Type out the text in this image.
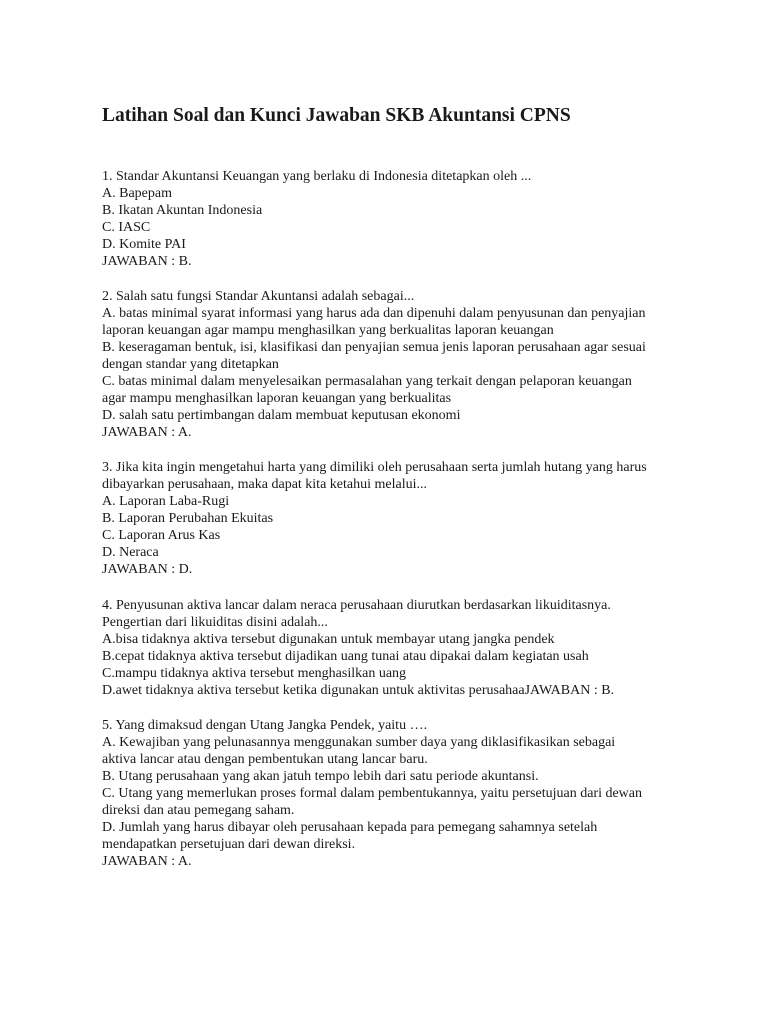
Latihan Soal dan Kunci Jawaban SKB Akuntansi CPNS
1. Standar Akuntansi Keuangan yang berlaku di Indonesia ditetapkan oleh ...
A. Bapepam
B. Ikatan Akuntan Indonesia
C. IASC
D. Komite PAI
JAWABAN : B.
2. Salah satu fungsi Standar Akuntansi adalah sebagai...
A. batas minimal syarat informasi yang harus ada dan dipenuhi dalam penyusunan dan penyajian
laporan keuangan agar mampu menghasilkan yang berkualitas laporan keuangan
B. keseragaman bentuk, isi, klasifikasi dan penyajian semua jenis laporan perusahaan agar sesuai
dengan standar yang ditetapkan
C. batas minimal dalam menyelesaikan permasalahan yang terkait dengan pelaporan keuangan
agar mampu menghasilkan laporan keuangan yang berkualitas
D. salah satu pertimbangan dalam membuat keputusan ekonomi
JAWABAN : A.
3. Jika kita ingin mengetahui harta yang dimiliki oleh perusahaan serta jumlah hutang yang harus
dibayarkan perusahaan, maka dapat kita ketahui melalui...
A. Laporan Laba-Rugi
B. Laporan Perubahan Ekuitas
C. Laporan Arus Kas
D. Neraca
JAWABAN : D.
4. Penyusunan aktiva lancar dalam neraca perusahaan diurutkan berdasarkan likuiditasnya.
Pengertian dari likuiditas disini adalah...
A.bisa tidaknya aktiva tersebut digunakan untuk membayar utang jangka pendek
B.cepat tidaknya aktiva tersebut dijadikan uang tunai atau dipakai dalam kegiatan usah
C.mampu tidaknya aktiva tersebut menghasilkan uang
D.awet tidaknya aktiva tersebut ketika digunakan untuk aktivitas perusahaaJAWABAN : B.
5. Yang dimaksud dengan Utang Jangka Pendek, yaitu ….
A. Kewajiban yang pelunasannya menggunakan sumber daya yang diklasifikasikan sebagai
aktiva lancar atau dengan pembentukan utang lancar baru.
B. Utang perusahaan yang akan jatuh tempo lebih dari satu periode akuntansi.
C. Utang yang memerlukan proses formal dalam pembentukannya, yaitu persetujuan dari dewan
direksi dan atau pemegang saham.
D. Jumlah yang harus dibayar oleh perusahaan kepada para pemegang sahamnya setelah
mendapatkan persetujuan dari dewan direksi.
JAWABAN : A.
